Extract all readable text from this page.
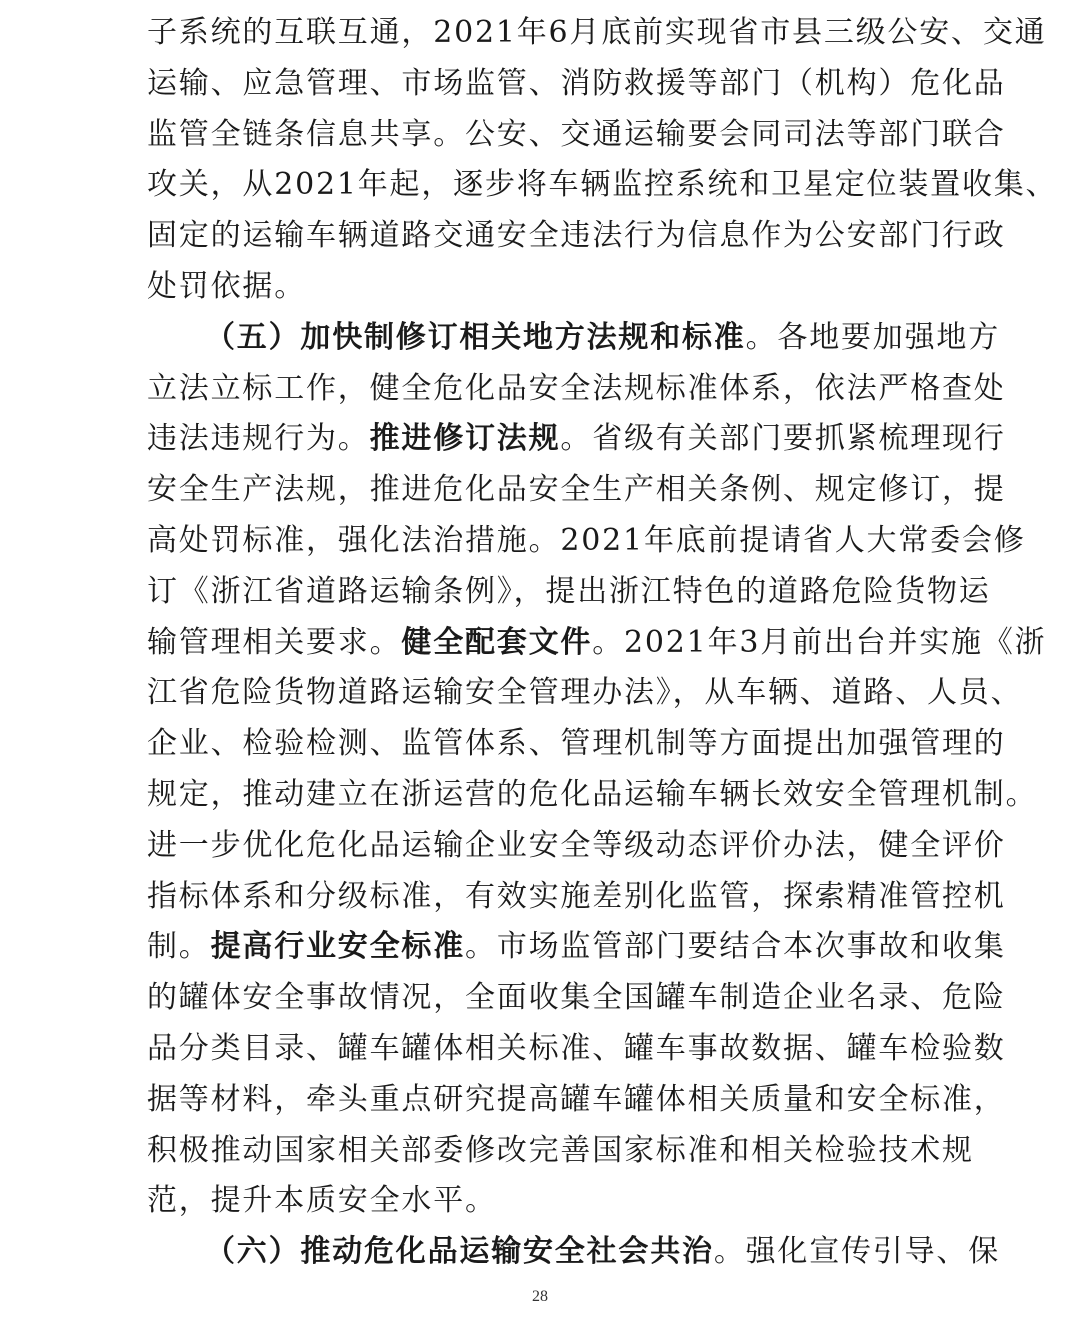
子系统的互联互通，2021年6月底前实现省市县三级公安、交通
运输、应急管理、市场监管、消防救援等部门（机构）危化品
监管全链条信息共享。公安、交通运输要会同司法等部门联合
攻关，从2021年起，逐步将车辆监控系统和卫星定位装置收集、
固定的运输车辆道路交通安全违法行为信息作为公安部门行政
处罚依据。
（五）加快制修订相关地方法规和标准。各地要加强地方
立法立标工作，健全危化品安全法规标准体系，依法严格查处
违法违规行为。推进修订法规。省级有关部门要抓紧梳理现行
安全生产法规，推进危化品安全生产相关条例、规定修订，提
高处罚标准，强化法治措施。2021年底前提请省人大常委会修
订《浙江省道路运输条例》，提出浙江特色的道路危险货物运
输管理相关要求。健全配套文件。2021年3月前出台并实施《浙
江省危险货物道路运输安全管理办法》，从车辆、道路、人员、
企业、检验检测、监管体系、管理机制等方面提出加强管理的
规定，推动建立在浙运营的危化品运输车辆长效安全管理机制。
进一步优化危化品运输企业安全等级动态评价办法，健全评价
指标体系和分级标准，有效实施差别化监管，探索精准管控机
制。提高行业安全标准。市场监管部门要结合本次事故和收集
的罐体安全事故情况，全面收集全国罐车制造企业名录、危险
品分类目录、罐车罐体相关标准、罐车事故数据、罐车检验数
据等材料，牵头重点研究提高罐车罐体相关质量和安全标准，
积极推动国家相关部委修改完善国家标准和相关检验技术规
范，提升本质安全水平。
（六）推动危化品运输安全社会共治。强化宣传引导、保
28
